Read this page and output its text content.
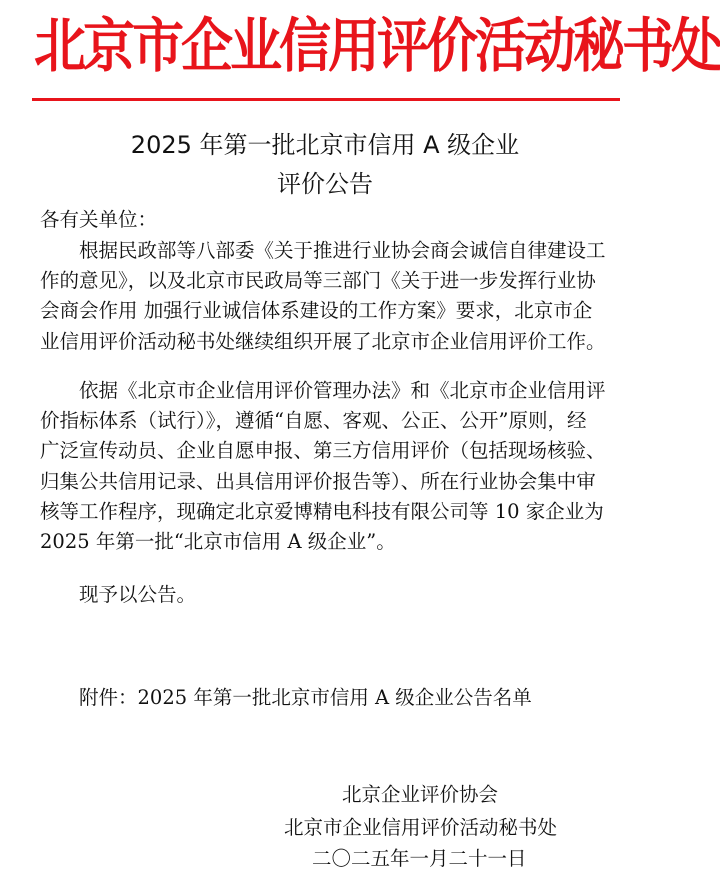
北京市企业信用评价活动秘书处
2025 年第一批北京市信用 A 级企业
评价公告
各有关单位：
　　根据民政部等八部委《关于推进行业协会商会诚信自律建设工
作的意见》，以及北京市民政局等三部门《关于进一步发挥行业协
会商会作用 加强行业诚信体系建设的工作方案》要求，北京市企
业信用评价活动秘书处继续组织开展了北京市企业信用评价工作。
　　依据《北京市企业信用评价管理办法》和《北京市企业信用评
价指标体系（试行）》，遵循“自愿、客观、公正、公开”原则，经
广泛宣传动员、企业自愿申报、第三方信用评价（包括现场核验、
归集公共信用记录、出具信用评价报告等）、所在行业协会集中审
核等工作程序，现确定北京爱博精电科技有限公司等 10 家企业为
2025 年第一批“北京市信用 A 级企业”。
　　现予以公告。
　　附件：2025 年第一批北京市信用 A 级企业公告名单
北京企业评价协会
北京市企业信用评价活动秘书处
二〇二五年一月二十一日
